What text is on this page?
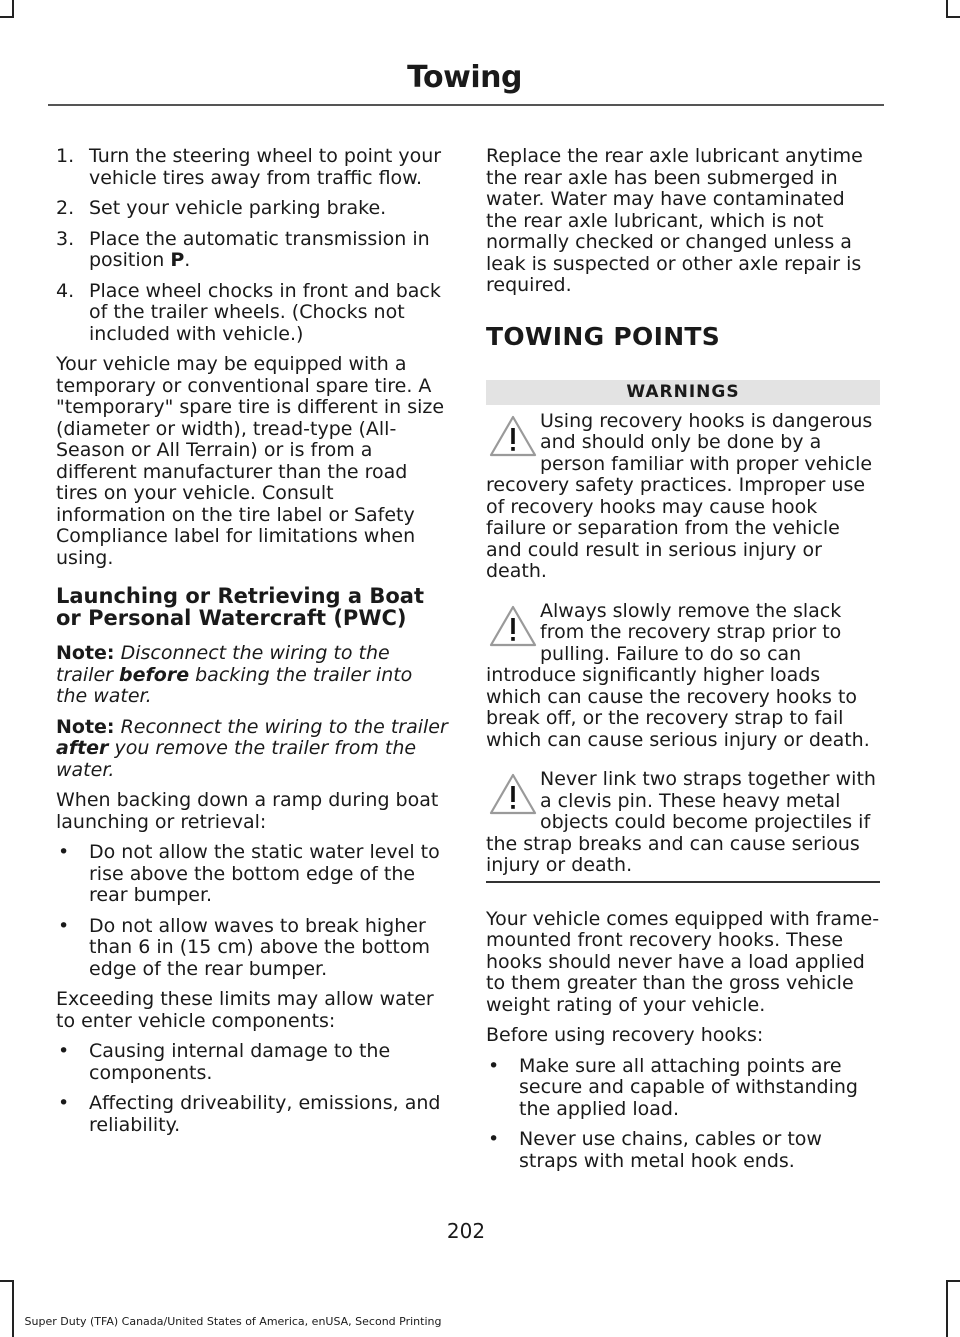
Towing
1. Turn the steering wheel to point your vehicle tires away from traffic flow.
2. Set your vehicle parking brake.
3. Place the automatic transmission in position P.
4. Place wheel chocks in front and back of the trailer wheels. (Chocks not included with vehicle.)

Your vehicle may be equipped with a temporary or conventional spare tire. A "temporary" spare tire is different in size (diameter or width), tread-type (All-Season or All Terrain) or is from a different manufacturer than the road tires on your vehicle. Consult information on the tire label or Safety Compliance label for limitations when using.

Launching or Retrieving a Boat or Personal Watercraft (PWC)

Note: Disconnect the wiring to the trailer before backing the trailer into the water.

Note: Reconnect the wiring to the trailer after you remove the trailer from the water.

When backing down a ramp during boat launching or retrieval:

•	Do not allow the static water level to rise above the bottom edge of the rear bumper.
•	Do not allow waves to break higher than 6 in (15 cm) above the bottom edge of the rear bumper.

Exceeding these limits may allow water to enter vehicle components:

•	Causing internal damage to the components.
•	Affecting driveability, emissions, and reliability.

Replace the rear axle lubricant anytime the rear axle has been submerged in water. Water may have contaminated the rear axle lubricant, which is not normally checked or changed unless a leak is suspected or other axle repair is required.

TOWING POINTS
WARNINGS
Using recovery hooks is dangerous and should only be done by a person familiar with proper vehicle recovery safety practices. Improper use of recovery hooks may cause hook failure or separation from the vehicle and could result in serious injury or death.
Always slowly remove the slack from the recovery strap prior to pulling. Failure to do so can introduce significantly higher loads which can cause the recovery hooks to break off, or the recovery strap to fail which can cause serious injury or death.
Never link two straps together with a clevis pin. These heavy metal objects could become projectiles if the strap breaks and can cause serious injury or death.

Your vehicle comes equipped with frame-mounted front recovery hooks. These hooks should never have a load applied to them greater than the gross vehicle weight rating of your vehicle.

Before using recovery hooks:

•	Make sure all attaching points are secure and capable of withstanding the applied load.
•	Never use chains, cables or tow straps with metal hook ends.
202
Super Duty (TFA) Canada/United States of America, enUSA, Second Printing
